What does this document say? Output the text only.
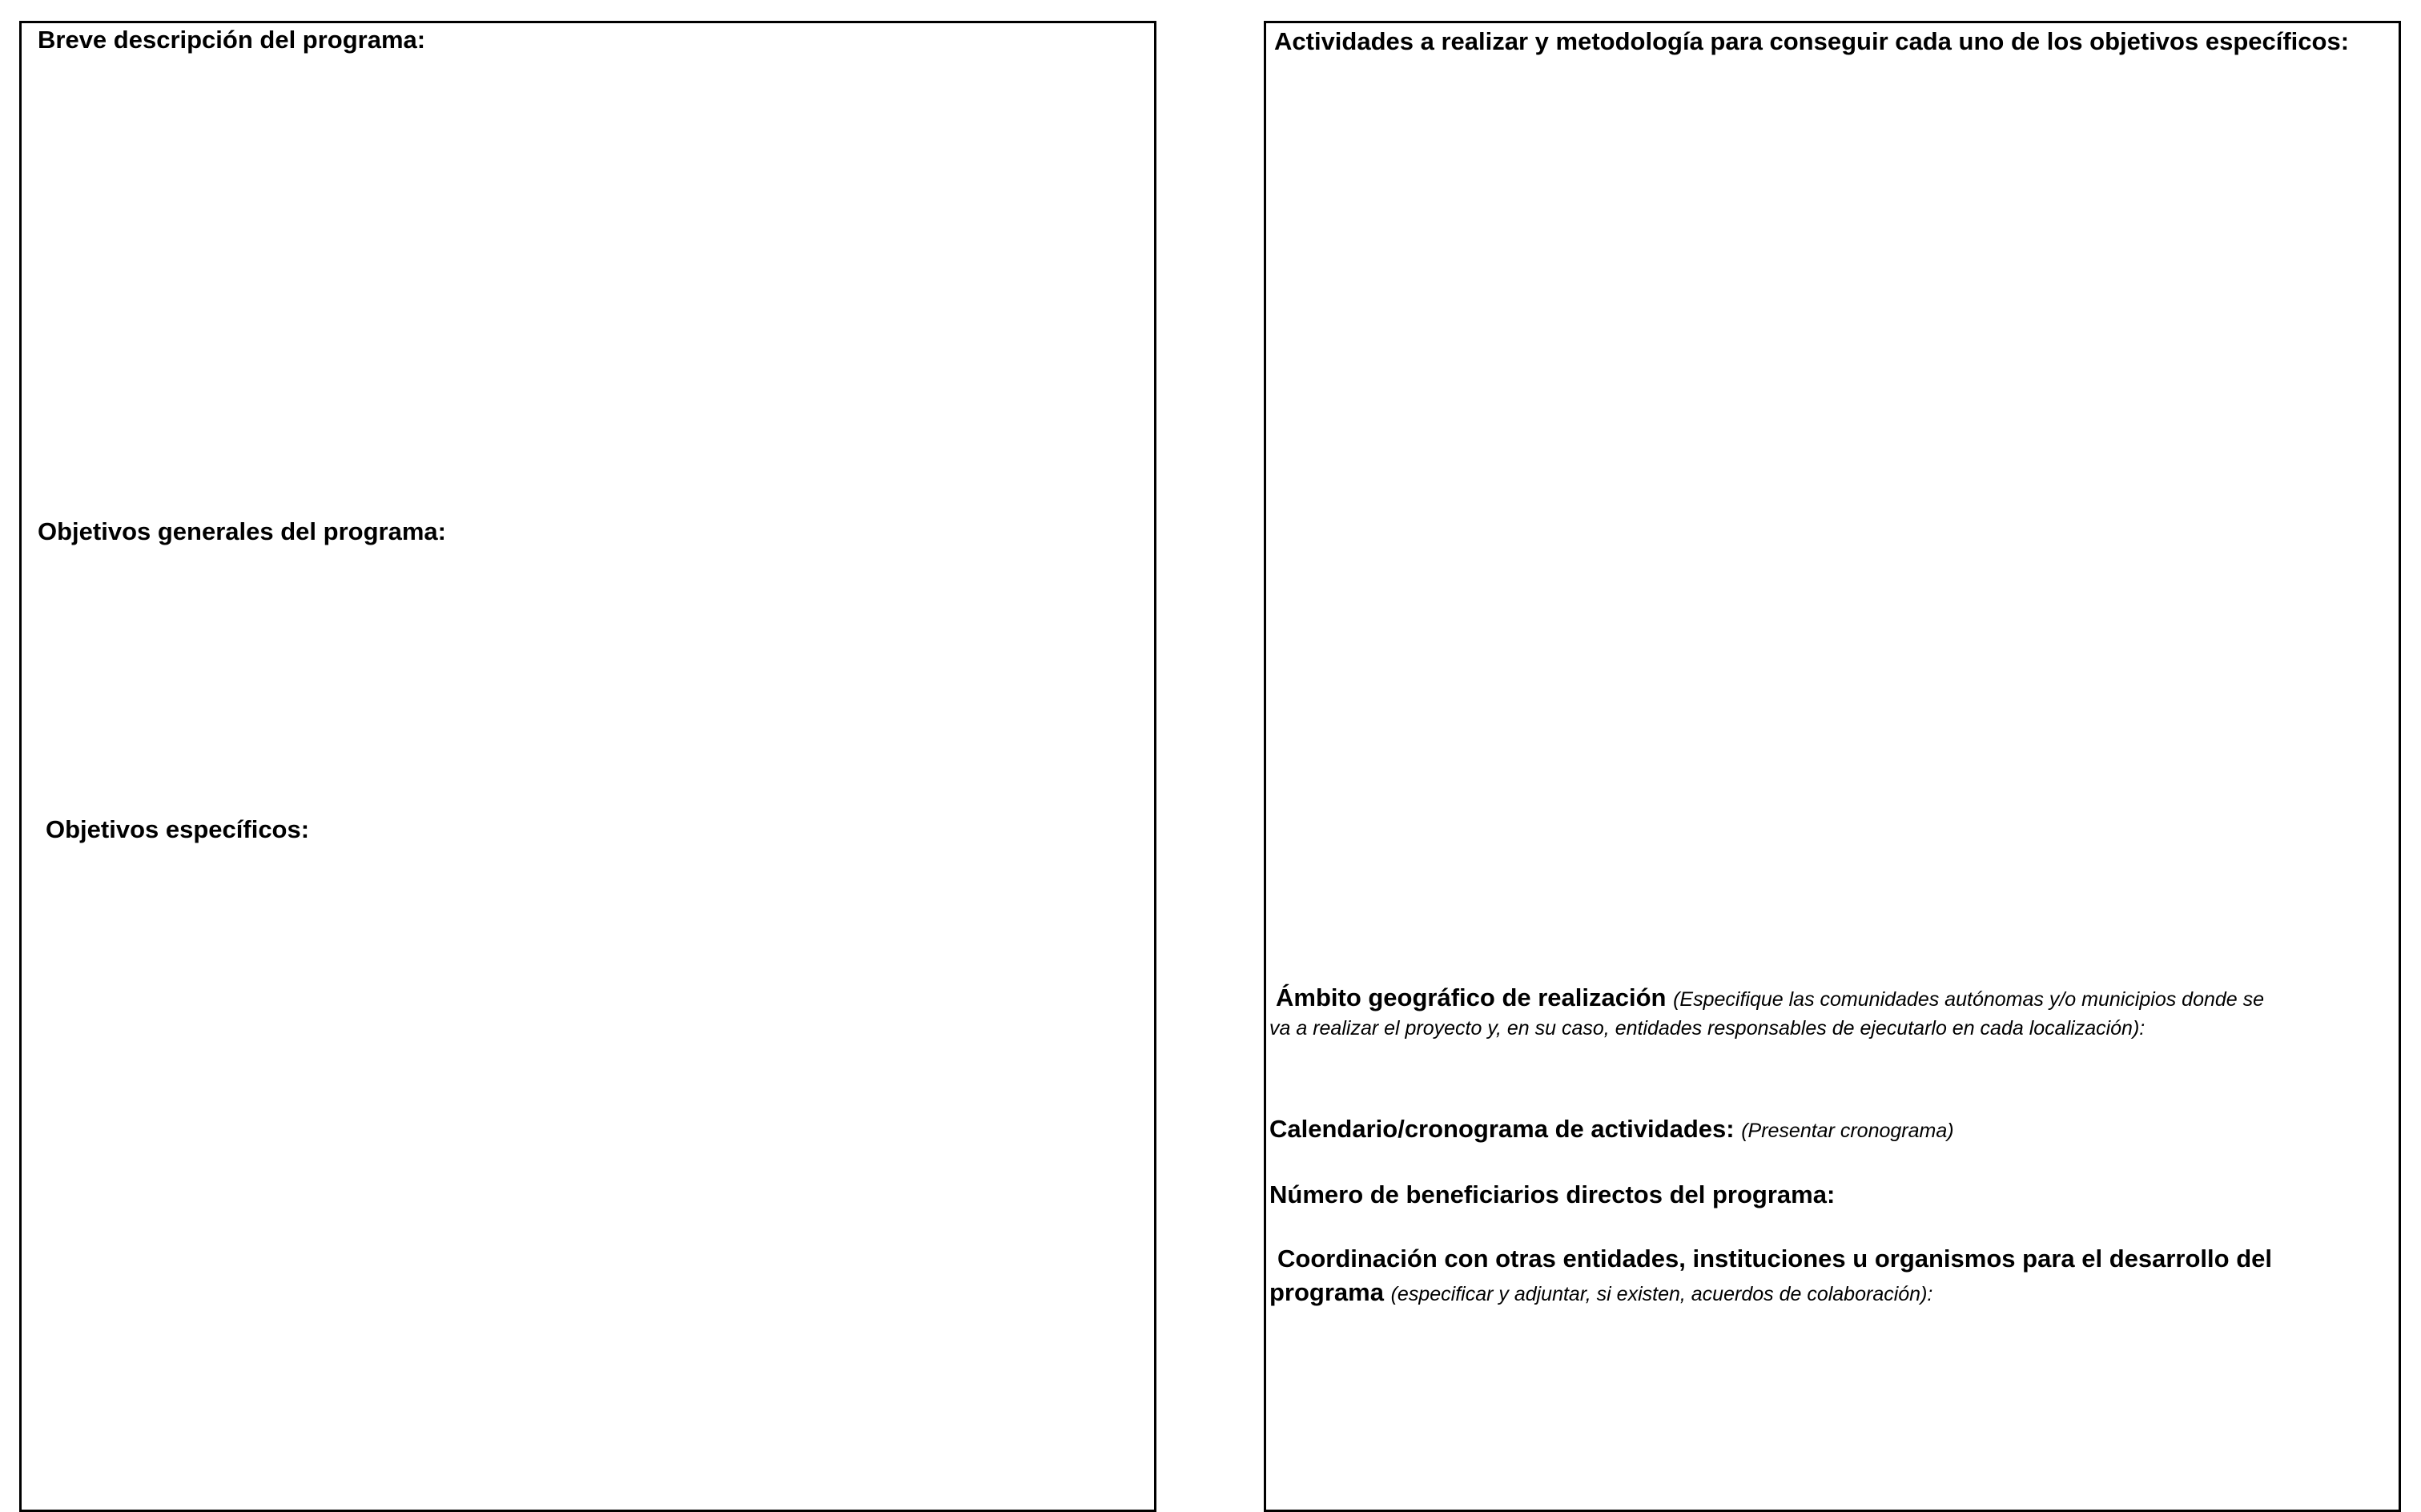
Breve descripción del programa:
Objetivos generales del programa:
Objetivos específicos:
Actividades a realizar y metodología para conseguir cada uno de los objetivos específicos:
Ámbito geográfico de realización (Especifique las comunidades autónomas y/o municipios donde se
va a realizar el proyecto y, en su caso, entidades responsables de ejecutarlo en cada localización):
Calendario/cronograma de actividades: (Presentar cronograma)
Número de beneficiarios directos del programa:
Coordinación con otras entidades, instituciones u organismos para el desarrollo del
programa (especificar y adjuntar, si existen, acuerdos de colaboración):
